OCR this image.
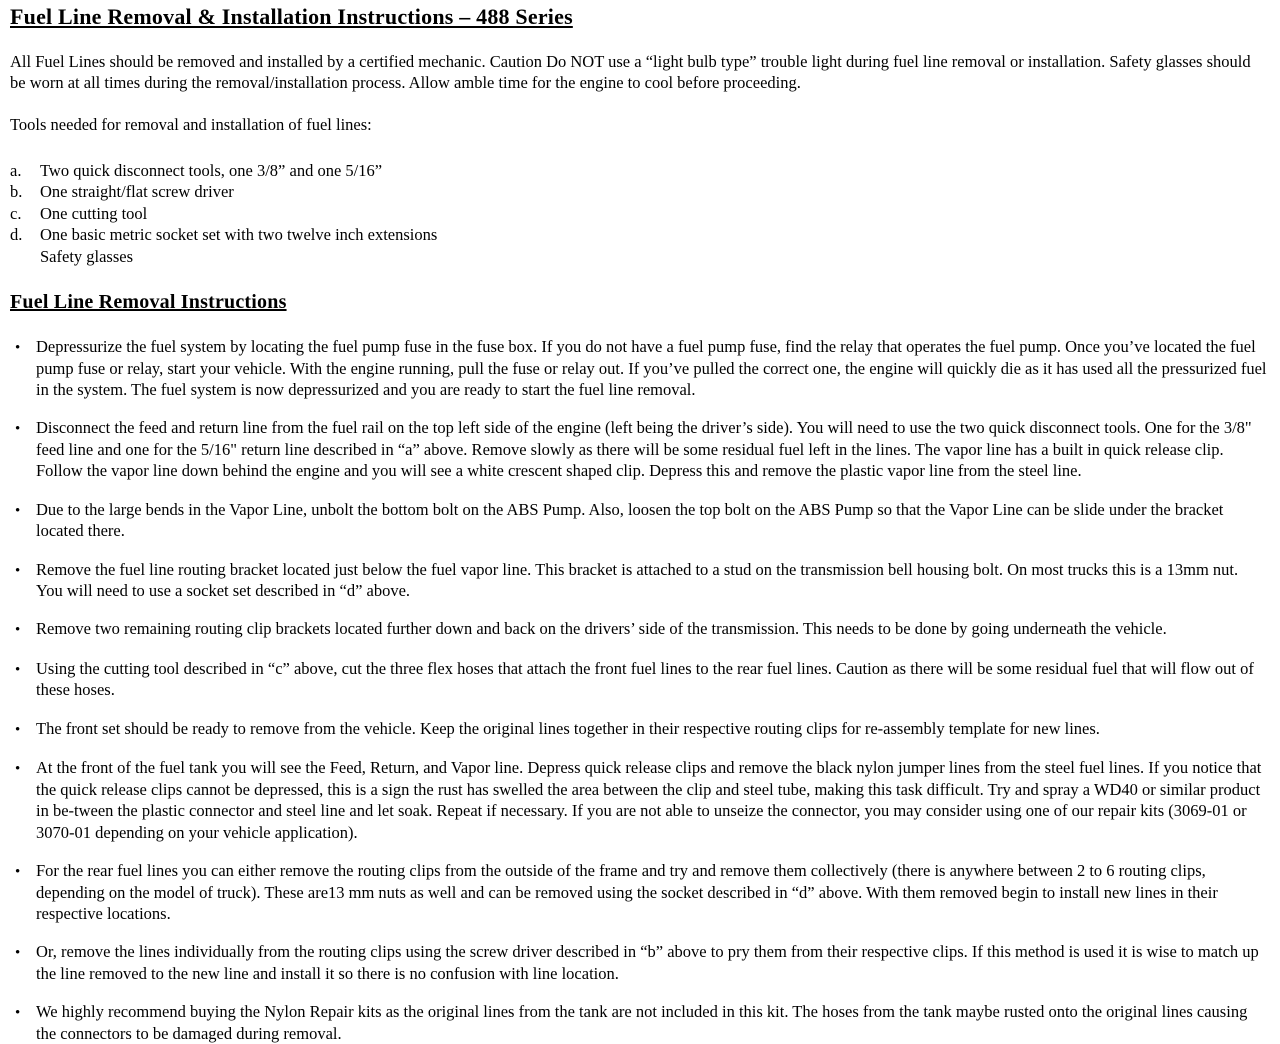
Fuel Line Removal & Installation Instructions – 488 Series

All Fuel Lines should be removed and installed by a certified mechanic. Caution Do NOT use a “light bulb type” trouble light during fuel line removal or installation. Safety glasses should be worn at all times during the removal/installation process. Allow amble time for the engine to cool before proceeding.

Tools needed for removal and installation of fuel lines:

a.	Two quick disconnect tools, one 3/8” and one 5/16”
b.	One straight/flat screw driver
c.	One cutting tool
d.	One basic metric socket set with two twelve inch extensions
Safety glasses
Fuel Line Removal Instructions
• Depressurize the fuel system by locating the fuel pump fuse in the fuse box. If you do not have a fuel pump fuse, find the relay that operates the fuel pump. Once you’ve located the fuel pump fuse or relay, start your vehicle. With the engine running, pull the fuse or relay out. If you’ve pulled the correct one, the engine will quickly die as it has used all the pressurized fuel in the system. The fuel system is now depressurized and you are ready to start the fuel line removal.
• Disconnect the feed and return line from the fuel rail on the top left side of the engine (left being the driver’s side). You will need to use the two quick disconnect tools. One for the 3/8" feed line and one for the 5/16" return line described in “a” above. Remove slowly as there will be some residual fuel left in the lines. The vapor line has a built in quick release clip. Follow the vapor line down behind the engine and you will see a white crescent shaped clip. Depress this and remove the plastic vapor line from the steel line.
• Due to the large bends in the Vapor Line, unbolt the bottom bolt on the ABS Pump. Also, loosen the top bolt on the ABS Pump so that the Vapor Line can be slide under the bracket located there.
• Remove the fuel line routing bracket located just below the fuel vapor line. This bracket is attached to a stud on the transmission bell housing bolt. On most trucks this is a 13mm nut. You will need to use a socket set described in “d” above.
• Remove two remaining routing clip brackets located further down and back on the drivers’ side of the transmission. This needs to be done by going underneath the vehicle.
• Using the cutting tool described in “c” above, cut the three flex hoses that attach the front fuel lines to the rear fuel lines. Caution as there will be some residual fuel that will flow out of these hoses.
• The front set should be ready to remove from the vehicle. Keep the original lines together in their respective routing clips for re-assembly template for new lines.
• At the front of the fuel tank you will see the Feed, Return, and Vapor line. Depress quick release clips and remove the black nylon jumper lines from the steel fuel lines. If you notice that the quick release clips cannot be depressed, this is a sign the rust has swelled the area between the clip and steel tube, making this task difficult. Try and spray a WD40 or similar product in be-tween the plastic connector and steel line and let soak. Repeat if necessary. If you are not able to unseize the connector, you may consider using one of our repair kits (3069-01 or 3070-01 depending on your vehicle application).
• For the rear fuel lines you can either remove the routing clips from the outside of the frame and try and remove them collectively (there is anywhere between 2 to 6 routing clips, depending on the model of truck). These are13 mm nuts as well and can be removed using the socket described in “d” above. With them removed begin to install new lines in their respective locations.
• Or, remove the lines individually from the routing clips using the screw driver described in “b” above to pry them from their respective clips. If this method is used it is wise to match up the line removed to the new line and install it so there is no confusion with line location.
• We highly recommend buying the Nylon Repair kits as the original lines from the tank are not included in this kit. The hoses from the tank maybe rusted onto the original lines causing the connectors to be damaged during removal.
